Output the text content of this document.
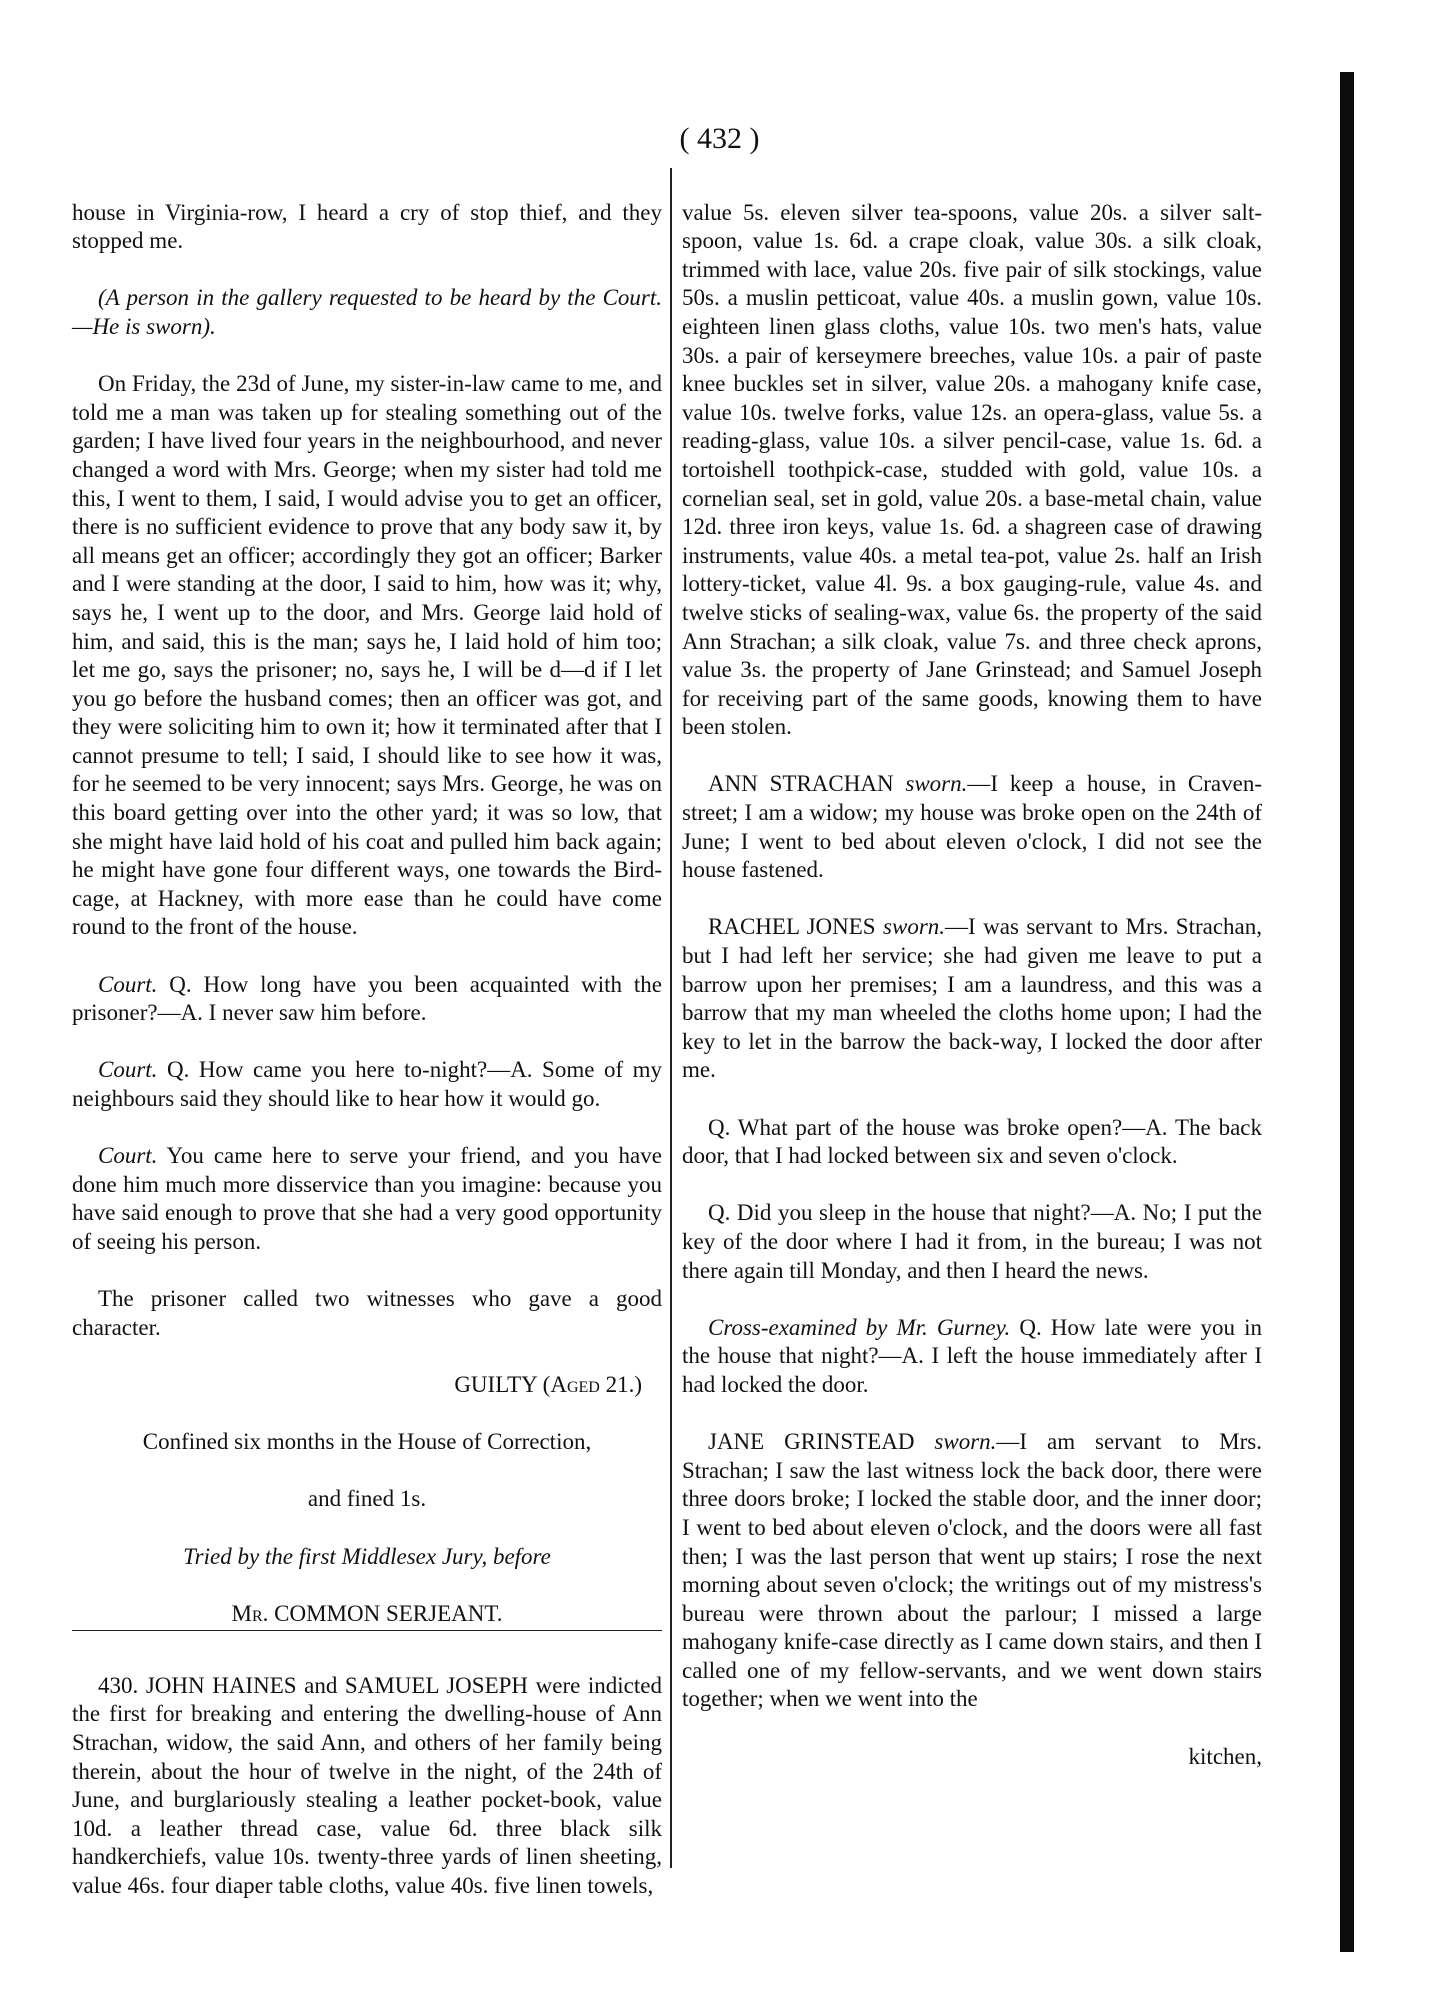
( 432 )

house in Virginia-row, I heard a cry of stop thief, and they stopped me.

(A person in the gallery requested to be heard by the Court.—He is sworn).

On Friday, the 23d of June, my sister-in-law came to me, and told me a man was taken up for stealing something out of the garden; I have lived four years in the neighbourhood, and never changed a word with Mrs. George; when my sister had told me this, I went to them, I said, I would advise you to get an officer, there is no sufficient evidence to prove that any body saw it, by all means get an officer; accordingly they got an officer; Barker and I were standing at the door, I said to him, how was it; why, says he, I went up to the door, and Mrs. George laid hold of him, and said, this is the man; says he, I laid hold of him too; let me go, says the prisoner; no, says he, I will be d—d if I let you go before the husband comes; then an officer was got, and they were soliciting him to own it; how it terminated after that I cannot presume to tell; I said, I should like to see how it was, for he seemed to be very innocent; says Mrs. George, he was on this board getting over into the other yard; it was so low, that she might have laid hold of his coat and pulled him back again; he might have gone four different ways, one towards the Bird-cage, at Hackney, with more ease than he could have come round to the front of the house.

Court. Q. How long have you been acquainted with the prisoner?—A. I never saw him before.

Court. Q. How came you here to-night?—A. Some of my neighbours said they should like to hear how it would go.

Court. You came here to serve your friend, and you have done him much more disservice than you imagine: because you have said enough to prove that she had a very good opportunity of seeing his person.

The prisoner called two witnesses who gave a good character.

GUILTY (Aged 21.)

Confined six months in the House of Correction,

and fined 1s.

Tried by the first Middlesex Jury, before

Mr. COMMON SERJEANT.

430. JOHN HAINES and SAMUEL JOSEPH were indicted the first for breaking and entering the dwelling-house of Ann Strachan, widow, the said Ann, and others of her family being therein, about the hour of twelve in the night, of the 24th of June, and burglariously stealing a leather pocket-book, value 10d. a leather thread case, value 6d. three black silk handkerchiefs, value 10s. twenty-three yards of linen sheeting, value 46s. four diaper table cloths, value 40s. five linen towels,

value 5s. eleven silver tea-spoons, value 20s. a silver salt-spoon, value 1s. 6d. a crape cloak, value 30s. a silk cloak, trimmed with lace, value 20s. five pair of silk stockings, value 50s. a muslin petticoat, value 40s. a muslin gown, value 10s. eighteen linen glass cloths, value 10s. two men's hats, value 30s. a pair of kerseymere breeches, value 10s. a pair of paste knee buckles set in silver, value 20s. a mahogany knife case, value 10s. twelve forks, value 12s. an opera-glass, value 5s. a reading-glass, value 10s. a silver pencil-case, value 1s. 6d. a tortoishell toothpick-case, studded with gold, value 10s. a cornelian seal, set in gold, value 20s. a base-metal chain, value 12d. three iron keys, value 1s. 6d. a shagreen case of drawing instruments, value 40s. a metal tea-pot, value 2s. half an Irish lottery-ticket, value 4l. 9s. a box gauging-rule, value 4s. and twelve sticks of sealing-wax, value 6s. the property of the said Ann Strachan; a silk cloak, value 7s. and three check aprons, value 3s. the property of Jane Grinstead; and Samuel Joseph for receiving part of the same goods, knowing them to have been stolen.

ANN STRACHAN sworn.—I keep a house, in Craven-street; I am a widow; my house was broke open on the 24th of June; I went to bed about eleven o'clock, I did not see the house fastened.

RACHEL JONES sworn.—I was servant to Mrs. Strachan, but I had left her service; she had given me leave to put a barrow upon her premises; I am a laundress, and this was a barrow that my man wheeled the cloths home upon; I had the key to let in the barrow the back-way, I locked the door after me.

Q. What part of the house was broke open?—A. The back door, that I had locked between six and seven o'clock.

Q. Did you sleep in the house that night?—A. No; I put the key of the door where I had it from, in the bureau; I was not there again till Monday, and then I heard the news.

Cross-examined by Mr. Gurney. Q. How late were you in the house that night?—A. I left the house immediately after I had locked the door.

JANE GRINSTEAD sworn.—I am servant to Mrs. Strachan; I saw the last witness lock the back door, there were three doors broke; I locked the stable door, and the inner door; I went to bed about eleven o'clock, and the doors were all fast then; I was the last person that went up stairs; I rose the next morning about seven o'clock; the writings out of my mistress's bureau were thrown about the parlour; I missed a large mahogany knife-case directly as I came down stairs, and then I called one of my fellow-servants, and we went down stairs together; when we went into the

kitchen,
